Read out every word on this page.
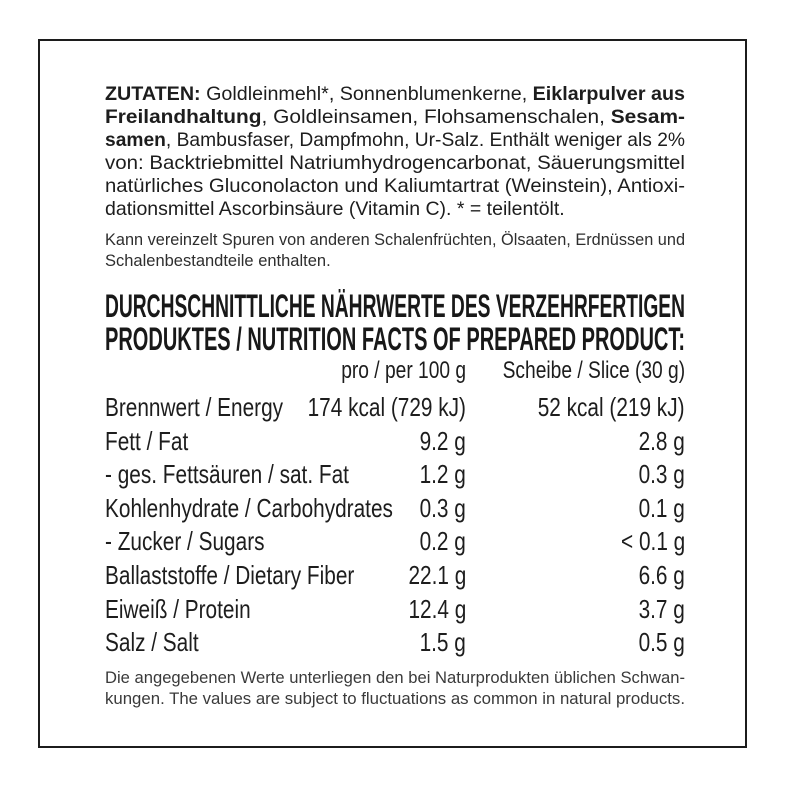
ZUTATEN: Goldleinmehl*, Sonnenblumenkerne, Eiklarpulver aus
Freilandhaltung, Goldleinsamen, Flohsamenschalen, Sesam-
samen, Bambusfaser, Dampfmohn, Ur-Salz. Enthält weniger als 2%
von: Backtriebmittel Natriumhydrogencarbonat, Säuerungsmittel
natürliches Gluconolacton und Kaliumtartrat (Weinstein), Antioxi-
dationsmittel Ascorbinsäure (Vitamin C). * = teilentölt.
Kann vereinzelt Spuren von anderen Schalenfrüchten, Ölsaaten, Erdnüssen und
Schalenbestandteile enthalten.
DURCHSCHNITTLICHE NÄHRWERTE DES VERZEHRFERTIGEN
PRODUKTES / NUTRITION FACTS OF PREPARED PRODUCT:
pro / per 100 g Scheibe / Slice (30 g)
Brennwert / Energy 174 kcal (729 kJ)	52 kcal (219 kJ)
Fett / Fat	9.2 g	2.8 g
- ges. Fettsäuren / sat. Fat	1.2 g	0.3 g
Kohlenhydrate / Carbohydrates 0.3 g	0.1 g
- Zucker / Sugars	0.2 g	< 0.1 g
Ballaststoffe / Dietary Fiber 22.1 g	6.6 g
Eiweiß / Protein	12.4 g	3.7 g
Salz / Salt	1.5 g	0.5 g
Die angegebenen Werte unterliegen den bei Naturprodukten üblichen Schwan-
kungen. The values are subject to fluctuations as common in natural products.
